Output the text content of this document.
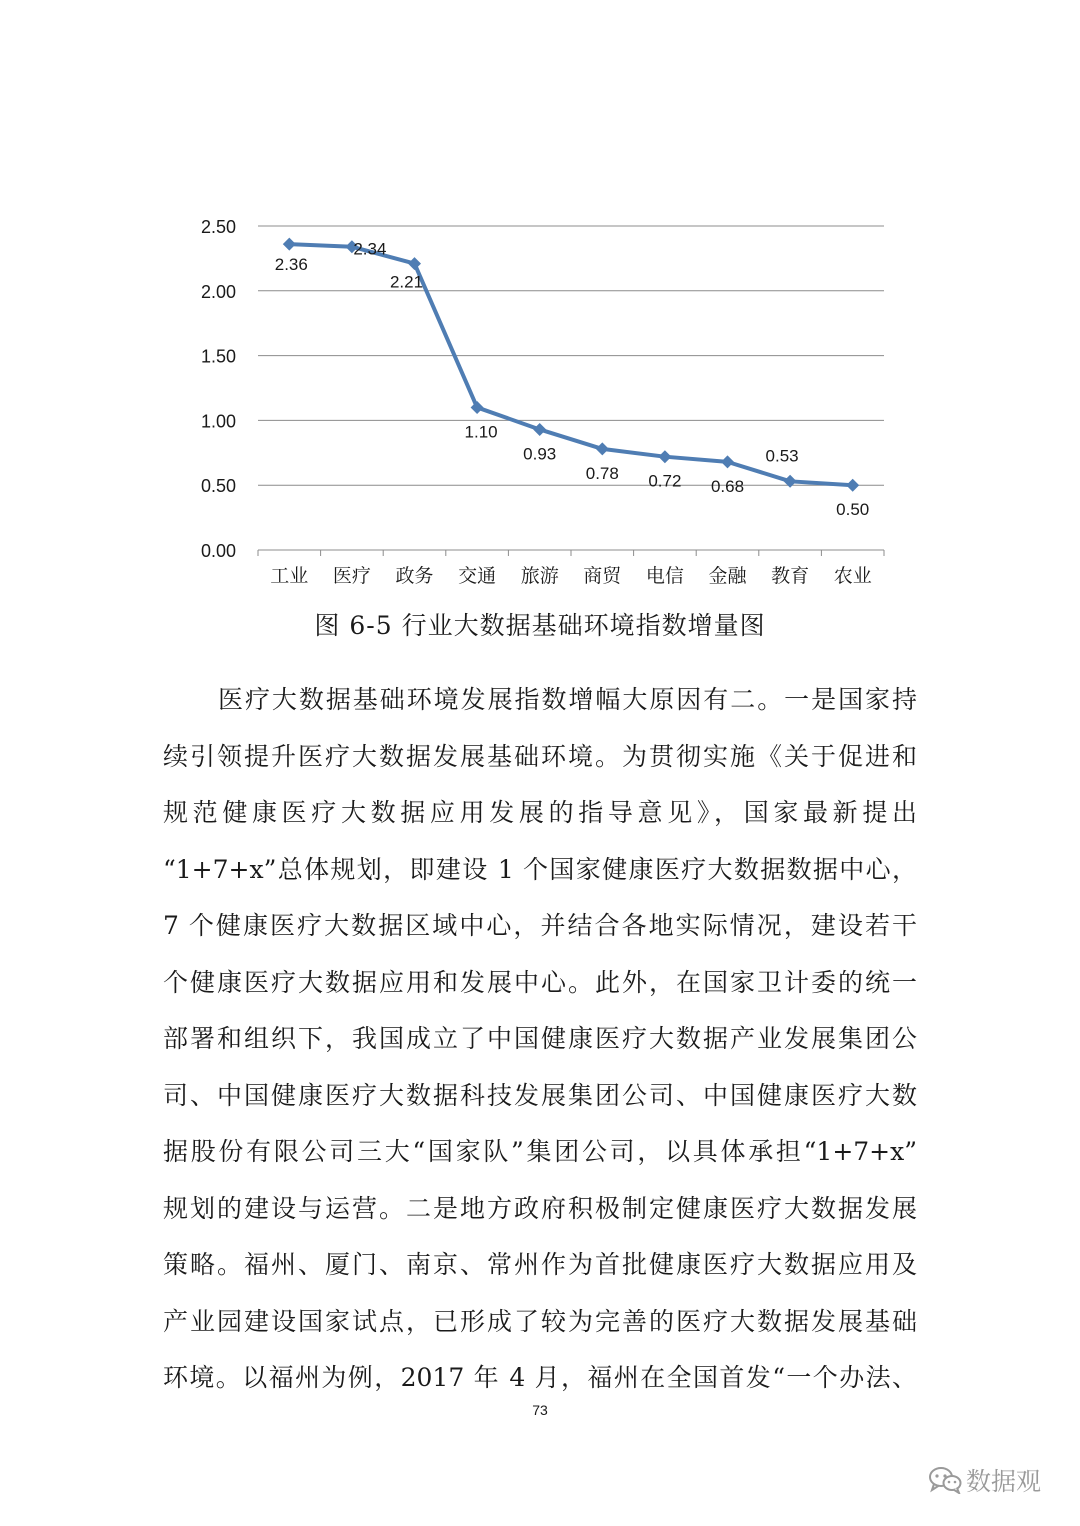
0.00
0.50
1.00
1.50
2.00
2.50
工业 医疗 政务 交通 旅游 商贸 电信 金融 教育 农业
2.36
2.34
2.21
1.10
0.93
0.78 0.72 0.68
0.53
0.50
图 6-5 行业大数据基础环境指数增量图
医疗大数据基础环境发展指数增幅大原因有二。一是国家持
续引领提升医疗大数据发展基础环境。为贯彻实施《关于促进和
规范健康医疗大数据应用发展的指导意见》，国家最新提出
“1+7+x”总体规划，即建设 1 个国家健康医疗大数据数据中心，
7 个健康医疗大数据区域中心，并结合各地实际情况，建设若干
个健康医疗大数据应用和发展中心。此外，在国家卫计委的统一
部署和组织下，我国成立了中国健康医疗大数据产业发展集团公
司、中国健康医疗大数据科技发展集团公司、中国健康医疗大数
据股份有限公司三大“国家队”集团公司，以具体承担“1+7+x”
规划的建设与运营。二是地方政府积极制定健康医疗大数据发展
策略。福州、厦门、南京、常州作为首批健康医疗大数据应用及
产业园建设国家试点，已形成了较为完善的医疗大数据发展基础
环境。以福州为例，2017 年 4 月，福州在全国首发“一个办法、
73
数据观
